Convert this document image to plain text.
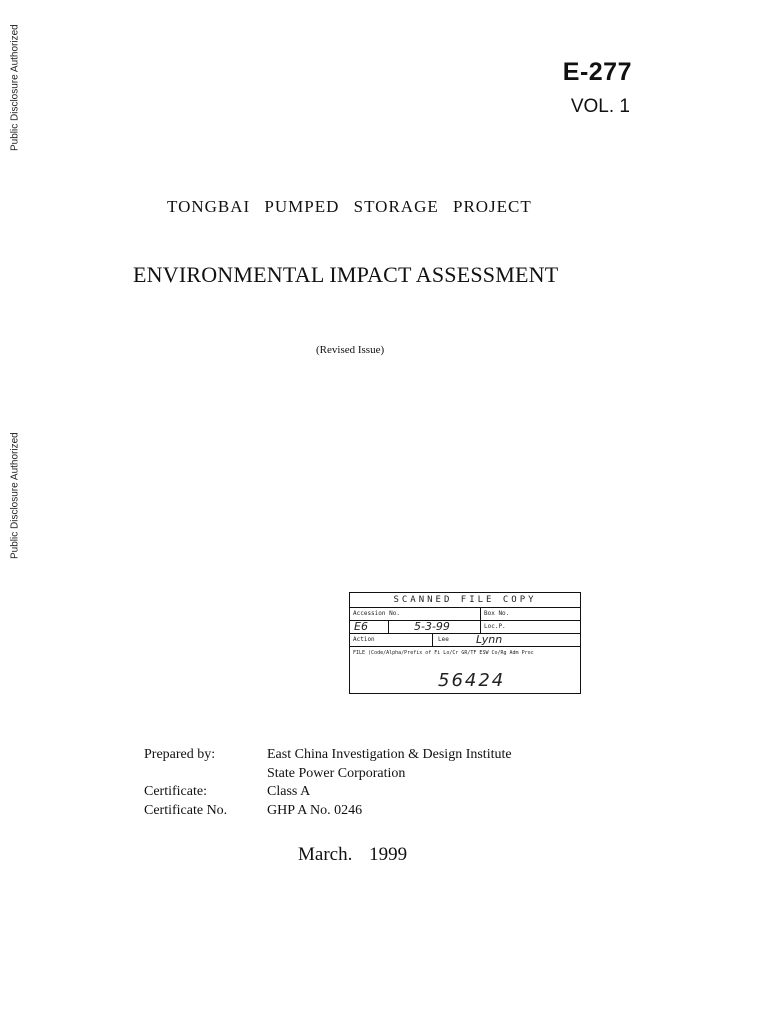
Public Disclosure Authorized
Public Disclosure Authorized
E-277
VOL. 1
TONGBAI PUMPED STORAGE PROJECT
ENVIRONMENTAL IMPACT ASSESSMENT
(Revised Issue)
SCANNED FILE COPY
Accession No.	Box No.
E6	5-3-99	Loc.P.
Action	Lee Lynn
FILE (Code/Alpha/Prefix of Fi Lo/Cr GR/TF ESW Co/Rg Adm Proc
56424
Prepared by:	East China Investigation & Design Institute
State Power Corporation
Certificate:	Class A
Certificate No.	GHP A No. 0246
March. 1999
